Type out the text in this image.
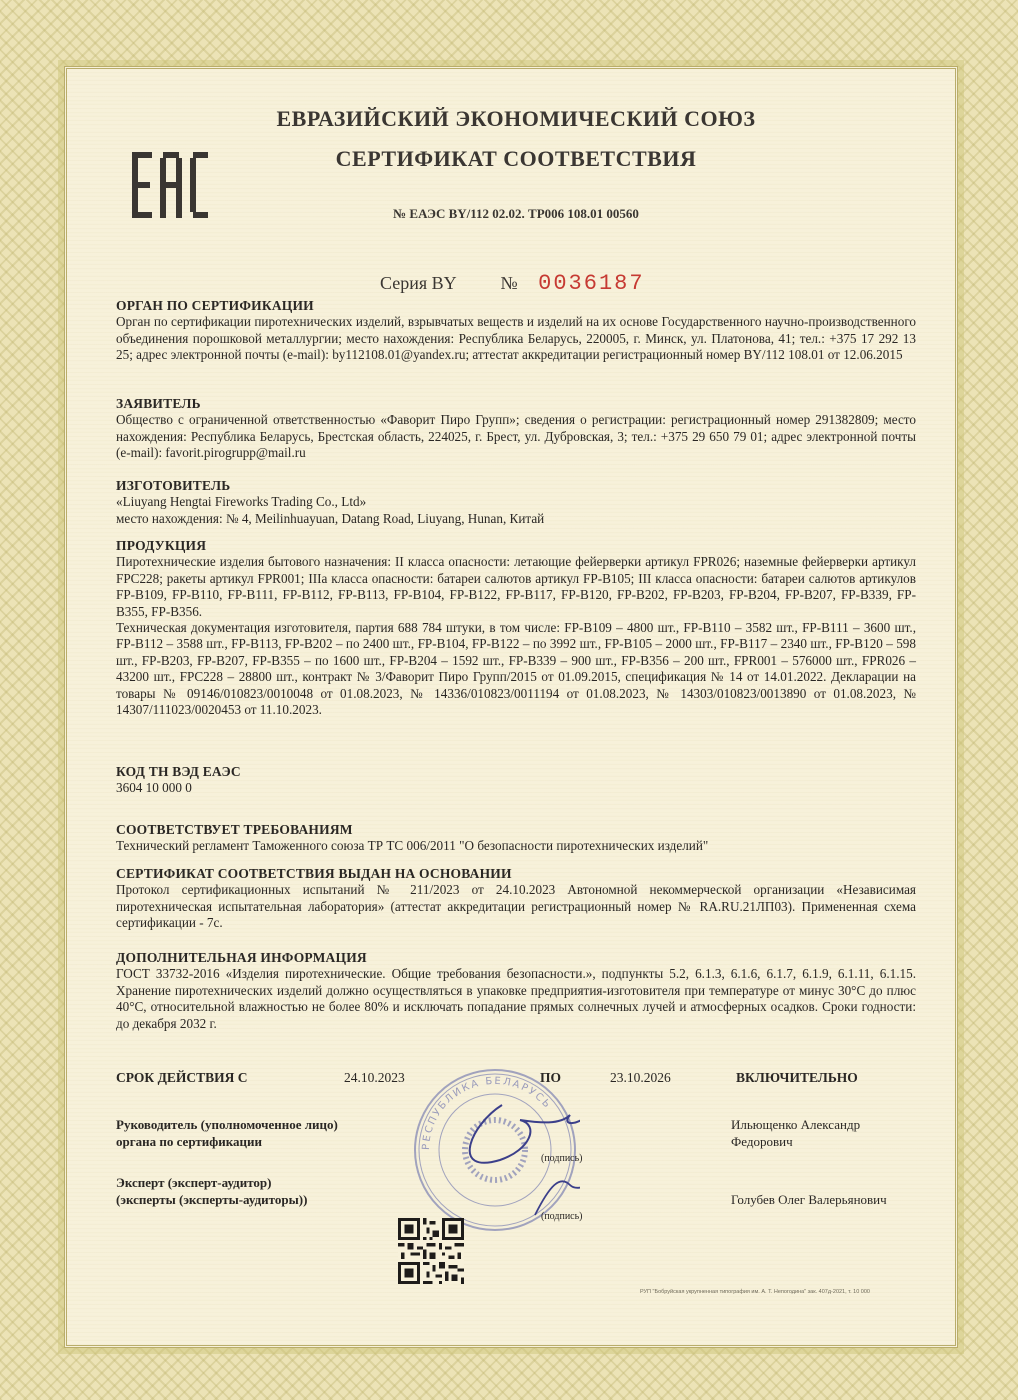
ЕВРАЗИЙСКИЙ ЭКОНОМИЧЕСКИЙ СОЮЗ
СЕРТИФИКАТ СООТВЕТСТВИЯ
№ ЕАЭС BY/112 02.02. ТР006 108.01 00560
Серия BY № 0036187
ОРГАН ПО СЕРТИФИКАЦИИ

Орган по сертификации пиротехнических изделий, взрывчатых веществ и изделий на их основе Государственного научно-производственного объединения порошковой металлургии; место нахождения: Республика Беларусь, 220005, г. Минск, ул. Платонова, 41; тел.: +375 17 292 13 25; адрес электронной почты (e-mail): by112108.01@yandex.ru; аттестат аккредитации регистрационный номер BY/112 108.01 от 12.06.2015

ЗАЯВИТЕЛЬ

Общество с ограниченной ответственностью «Фаворит Пиро Групп»; сведения о регистрации: регистрационный номер 291382809; место нахождения: Республика Беларусь, Брестская область, 224025, г. Брест, ул. Дубровская, 3; тел.: +375 29 650 79 01; адрес электронной почты (e-mail): favorit.pirogrupp@mail.ru

ИЗГОТОВИТЕЛЬ

«Liuyang Hengtai Fireworks Trading Co., Ltd»

место нахождения: № 4, Meilinhuayuan, Datang Road, Liuyang, Hunan, Китай

ПРОДУКЦИЯ

Пиротехнические изделия бытового назначения: II класса опасности: летающие фейерверки артикул FPR026; наземные фейерверки артикул FPC228; ракеты артикул FPR001; IIIa класса опасности: батареи салютов артикул FP-B105; III класса опасности: батареи салютов артикулов FP-B109, FP-B110, FP-B111, FP-B112, FP-B113, FP-B104, FP-B122, FP-B117, FP-B120, FP-B202, FP-B203, FP-B204, FP-B207, FP-B339, FP-B355, FP-B356.

Техническая документация изготовителя, партия 688 784 штуки, в том числе: FP-B109 – 4800 шт., FP-B110 – 3582 шт., FP-B111 – 3600 шт., FP-B112 – 3588 шт., FP-B113, FP-B202 – по 2400 шт., FP-B104, FP-B122 – по 3992 шт., FP-B105 – 2000 шт., FP-B117 – 2340 шт., FP-B120 – 598 шт., FP-B203, FP-B207, FP-B355 – по 1600 шт., FP-B204 – 1592 шт., FP-B339 – 900 шт., FP-B356 – 200 шт., FPR001 – 576000 шт., FPR026 – 43200 шт., FPC228 – 28800 шт., контракт № 3/Фаворит Пиро Групп/2015 от 01.09.2015, спецификация № 14 от 14.01.2022. Декларации на товары № 09146/010823/0010048 от 01.08.2023, № 14336/010823/0011194 от 01.08.2023, № 14303/010823/0013890 от 01.08.2023, № 14307/111023/0020453 от 11.10.2023.

КОД ТН ВЭД ЕАЭС

3604 10 000 0

СООТВЕТСТВУЕТ ТРЕБОВАНИЯМ

Технический регламент Таможенного союза ТР ТС 006/2011 "О безопасности пиротехнических изделий"

СЕРТИФИКАТ СООТВЕТСТВИЯ ВЫДАН НА ОСНОВАНИИ

Протокол сертификационных испытаний № 211/2023 от 24.10.2023 Автономной некоммерческой организации «Независимая пиротехническая испытательная лаборатория» (аттестат аккредитации регистрационный номер № RA.RU.21ЛП03). Примененная схема сертификации - 7с.

ДОПОЛНИТЕЛЬНАЯ ИНФОРМАЦИЯ

ГОСТ 33732-2016 «Изделия пиротехнические. Общие требования безопасности.», подпункты 5.2, 6.1.3, 6.1.6, 6.1.7, 6.1.9, 6.1.11, 6.1.15. Хранение пиротехнических изделий должно осуществляться в упаковке предприятия-изготовителя при температуре от минус 30°С до плюс 40°С, относительной влажностью не более 80% и исключать попадание прямых солнечных лучей и атмосферных осадков. Сроки годности: до декабря 2032 г.

СРОК ДЕЙСТВИЯ С	24.10.2023	ПО	23.10.2026	ВКЛЮЧИТЕЛЬНО
РЕСПУБЛИКА БЕЛАРУСЬ
Руководитель (уполномоченное лицо)
органа по сертификации
(подпись)
Ильющенко Александр
Федорович
Эксперт (эксперт-аудитор)
(эксперты (эксперты-аудиторы))
(подпись)
Голубев Олег Валерьянович
РУП "Бобруйская укрупненная типография им. А. Т. Непогодина" зак. 407д-2021, т. 10 000
